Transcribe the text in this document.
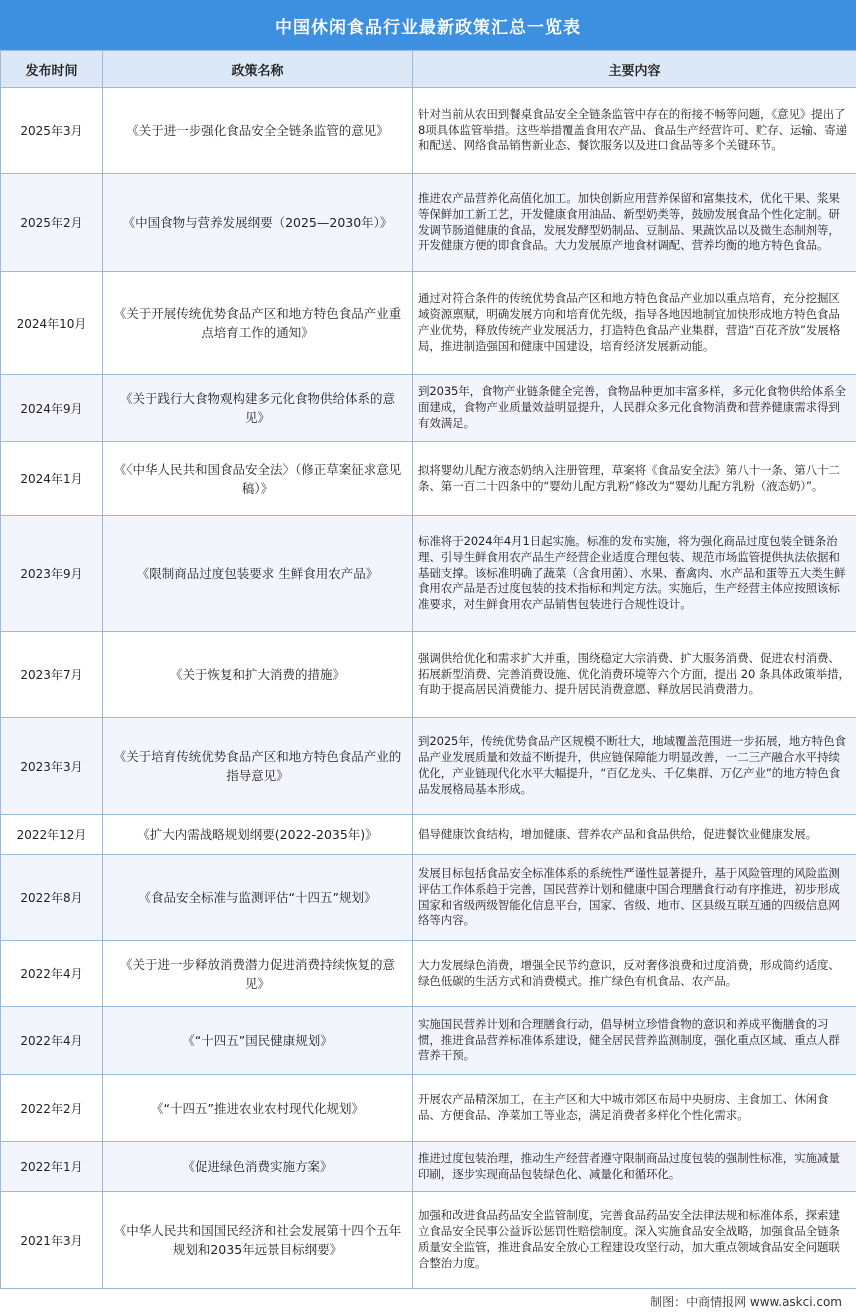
中国休闲食品行业最新政策汇总一览表
发布时间	政策名称	主要内容
2025年3月	《关于进一步强化食品安全全链条监管的意见》	针对当前从农田到餐桌食品安全全链条监管中存在的衔接不畅等问题，《意见》提出了8项具体监管举措。这些举措覆盖食用农产品、食品生产经营许可、贮存、运输、寄递和配送、网络食品销售新业态、餐饮服务以及进口食品等多个关键环节。
2025年2月	《中国食物与营养发展纲要（2025—2030年）》	推进农产品营养化高值化加工。加快创新应用营养保留和富集技术，优化干果、浆果等保鲜加工新工艺，开发健康食用油品、新型奶类等，鼓励发展食品个性化定制。研发调节肠道健康的食品，发展发酵型奶制品、豆制品、果蔬饮品以及微生态制剂等，开发健康方便的即食食品。大力发展原产地食材调配、营养均衡的地方特色食品。
2024年10月	《关于开展传统优势食品产区和地方特色食品产业重点培育工作的通知》	通过对符合条件的传统优势食品产区和地方特色食品产业加以重点培育，充分挖掘区域资源禀赋，明确发展方向和培育优先级，指导各地因地制宜加快形成地方特色食品产业优势，释放传统产业发展活力，打造特色食品产业集群，营造“百花齐放”发展格局，推进制造强国和健康中国建设，培育经济发展新动能。
2024年9月	《关于践行大食物观构建多元化食物供给体系的意见》	到2035年，食物产业链条健全完善，食物品种更加丰富多样，多元化食物供给体系全面建成，食物产业质量效益明显提升，人民群众多元化食物消费和营养健康需求得到有效满足。
2024年1月	《〈中华人民共和国食品安全法〉（修正草案征求意见稿）》	拟将婴幼儿配方液态奶纳入注册管理，草案将《食品安全法》第八十一条、第八十二条、第一百二十四条中的“婴幼儿配方乳粉”修改为“婴幼儿配方乳粉（液态奶）”。
2023年9月	《限制商品过度包装要求 生鲜食用农产品》	标准将于2024年4月1日起实施。标准的发布实施，将为强化商品过度包装全链条治理、引导生鲜食用农产品生产经营企业适度合理包装、规范市场监管提供执法依据和基础支撑。该标准明确了蔬菜（含食用菌）、水果、畜禽肉、水产品和蛋等五大类生鲜食用农产品是否过度包装的技术指标和判定方法。实施后，生产经营主体应按照该标准要求，对生鲜食用农产品销售包装进行合规性设计。
2023年7月	《关于恢复和扩大消费的措施》	强调供给优化和需求扩大并重，围绕稳定大宗消费、扩大服务消费、促进农村消费、拓展新型消费、完善消费设施、优化消费环境等六个方面，提出 20 条具体政策举措，有助于提高居民消费能力、提升居民消费意愿、释放居民消费潜力。
2023年3月	《关于培育传统优势食品产区和地方特色食品产业的指导意见》	到2025年，传统优势食品产区规模不断壮大，地域覆盖范围进一步拓展，地方特色食品产业发展质量和效益不断提升，供应链保障能力明显改善，一二三产融合水平持续优化，产业链现代化水平大幅提升，“百亿龙头、千亿集群、万亿产业”的地方特色食品发展格局基本形成。
2022年12月	《扩大内需战略规划纲要(2022-2035年)》	倡导健康饮食结构，增加健康、营养农产品和食品供给，促进餐饮业健康发展。
2022年8月	《食品安全标准与监测评估“十四五”规划》	发展目标包括食品安全标准体系的系统性严谨性显著提升，基于风险管理的风险监测评估工作体系趋于完善，国民营养计划和健康中国合理膳食行动有序推进，初步形成国家和省级两级智能化信息平台，国家、省级、地市、区县级互联互通的四级信息网络等内容。
2022年4月	《关于进一步释放消费潜力促进消费持续恢复的意见》	大力发展绿色消费，增强全民节约意识，反对奢侈浪费和过度消费，形成简约适度、绿色低碳的生活方式和消费模式。推广绿色有机食品、农产品。
2022年4月	《“十四五”国民健康规划》	实施国民营养计划和合理膳食行动，倡导树立珍惜食物的意识和养成平衡膳食的习惯，推进食品营养标准体系建设，健全居民营养监测制度，强化重点区域、重点人群营养干预。
2022年2月	《“十四五”推进农业农村现代化规划》	开展农产品精深加工，在主产区和大中城市郊区布局中央厨房、主食加工、休闲食品、方便食品、净菜加工等业态，满足消费者多样化个性化需求。
2022年1月	《促进绿色消费实施方案》	推进过度包装治理，推动生产经营者遵守限制商品过度包装的强制性标准，实施减量印刷，逐步实现商品包装绿色化、减量化和循环化。
2021年3月	《中华人民共和国国民经济和社会发展第十四个五年规划和2035年远景目标纲要》	加强和改进食品药品安全监管制度，完善食品药品安全法律法规和标准体系，探索建立食品安全民事公益诉讼惩罚性赔偿制度。深入实施食品安全战略，加强食品全链条质量安全监管，推进食品安全放心工程建设攻坚行动，加大重点领域食品安全问题联合整治力度。
制图：中商情报网 www.askci.com
